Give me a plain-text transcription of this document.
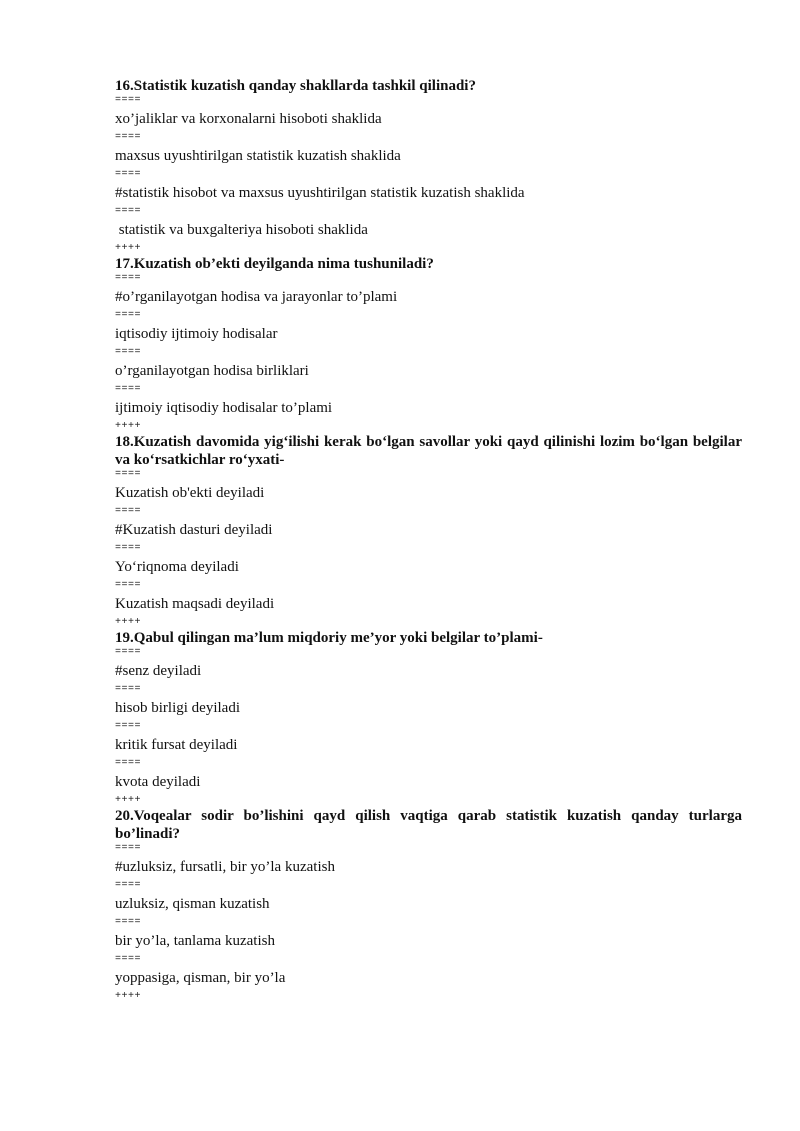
16.Statistik kuzatish qanday shakllarda tashkil qilinadi?
====
xo’jaliklar va korxonalarni hisoboti shaklida
====
maxsus uyushtirilgan statistik kuzatish shaklida
====
#statistik hisobot va maxsus uyushtirilgan statistik kuzatish shaklida
====
statistik va buxgalteriya hisoboti shaklida
++++
17.Kuzatish ob’ekti deyilganda nima tushuniladi?
====
#o’rganilayotgan hodisa va jarayonlar to’plami
====
iqtisodiy ijtimoiy hodisalar
====
o’rganilayotgan hodisa birliklari
====
ijtimoiy iqtisodiy hodisalar to’plami
++++
18.Kuzatish davomida yig‘ilishi kerak bo‘lgan savollar yoki qayd qilinishi lozim bo‘lgan belgilar va ko‘rsatkichlar ro‘yxati-
====
Kuzatish ob'ekti deyiladi
====
#Kuzatish dasturi deyiladi
====
Yo‘riqnoma deyiladi
====
Kuzatish maqsadi deyiladi
++++
19.Qabul qilingan ma’lum miqdoriy me’yor yoki belgilar to’plami-
====
#senz deyiladi
====
hisob birligi deyiladi
====
kritik fursat deyiladi
====
kvota deyiladi
++++
20.Voqealar sodir bo’lishini qayd qilish vaqtiga qarab statistik kuzatish qanday turlarga bo’linadi?
====
#uzluksiz, fursatli, bir yo’la kuzatish
====
uzluksiz, qisman kuzatish
====
bir yo’la, tanlama kuzatish
====
yoppasiga, qisman, bir yo’la
++++
